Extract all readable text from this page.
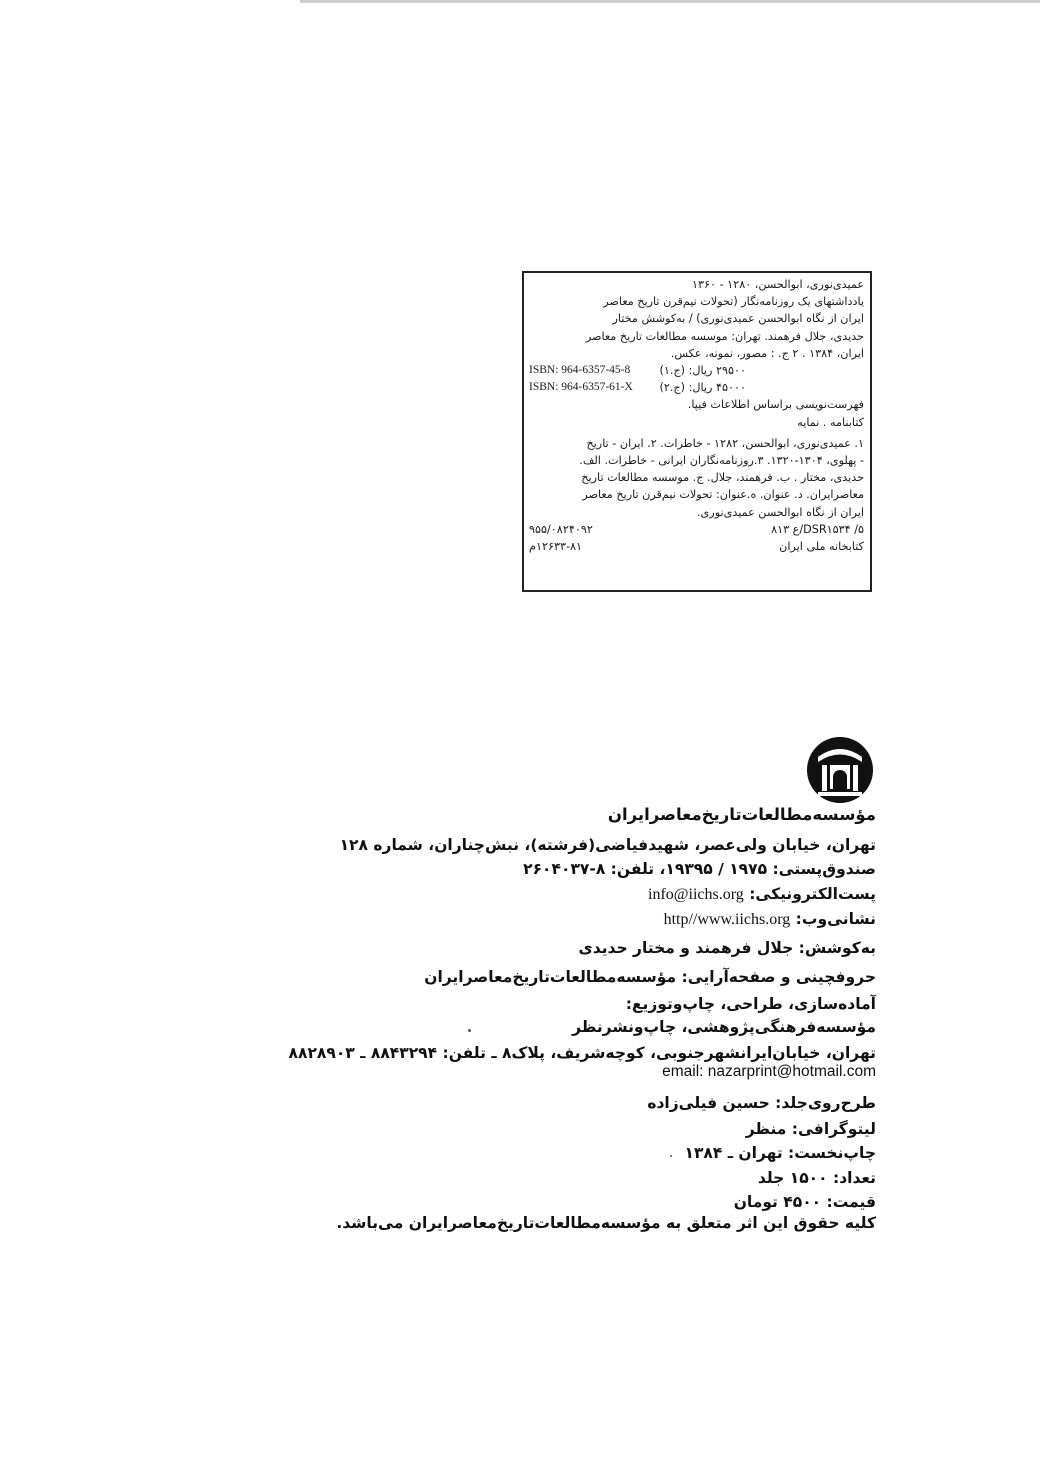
عمیدی‌نوری، ابوالحسن، ۱۲۸۰ - ۱۳۶۰
یادداشتهای یک روزنامه‌نگار (تحولات نیم‌قرن تاریخ معاصر
ایران از نگاه ابوالحسن عمیدی‌نوری) / به‌کوشش مختار
حدیدی، جلال فرهمند. تهران: موسسه مطالعات تاریخ معاصر
ایران، ۱۳۸۴ . ۲ ج. : مصور، نمونه، عکس.
۲۹۵۰۰ ریال: (ج.۱)
ISBN: 964-6357-45-8
۴۵۰۰۰ ریال: (ج.۲)
ISBN: 964-6357-61-X
فهرست‌نویسی براساس اطلاعات فیپا.
کتابنامه . نمایه
۱. عمیدی‌نوری، ابوالحسن، ۱۲۸۲ - خاطرات. ۲. ایران - تاریخ
- پهلوی، ۱۳۰۴-۱۳۲۰. ۳.روزنامه‌نگاران ایرانی - خاطرات. الف.
حدیدی، مختار . ب. فرهمند، جلال. ج. موسسه مطالعات تاریخ
معاصرایران. د. عنوان. ه.عنوان: تحولات نیم‌قرن تاریخ معاصر
ایران از نگاه ابوالحسن عمیدی‌نوری.
DSR۱۵۳۴ /۵/ع ۸۱۳
۹۵۵/۰۸۲۴۰۹۲
کتابخانه ملی ایران
۱۲۶۳۳-۸۱م
مؤسسه‌مطالعات‌تاریخ‌معاصرایران
تهران، خیابان ولی‌عصر، شهیدفیاضی(فرشته)، نبش‌چناران، شماره ۱۲۸
صندوق‌پستی: ۱۹۷۵ / ۱۹۳۹۵، تلفن: ۸-۲۶۰۴۰۳۷
پست‌الکترونیکی: info@iichs.org
نشانی‌وب: http//www.iichs.org
به‌کوشش: جلال فرهمند و مختار حدیدی
حروفچینی و صفحه‌آرایی: مؤسسه‌مطالعات‌تاریخ‌معاصرایران
آماده‌سازی، طراحی، چاپ‌وتوزیع:
مؤسسه‌فرهنگی‌پژوهشی، چاپ‌ونشرنظر
تهران، خیابان‌ایرانشهرجنوبی، کوچه‌شریف، پلاک۸ ـ تلفن: ۸۸۴۳۲۹۴ ـ ۸۸۲۸۹۰۳
email: nazarprint@hotmail.com
طرح‌روی‌جلد: حسین فیلی‌زاده
لیتوگرافی: منظر
چاپ‌نخست: تهران ـ ۱۳۸۴
تعداد: ۱۵۰۰ جلد
قیمت: ۴۵۰۰ تومان
کلیه حقوق این اثر متعلق به مؤسسه‌مطالعات‌تاریخ‌معاصرایران می‌باشد.
